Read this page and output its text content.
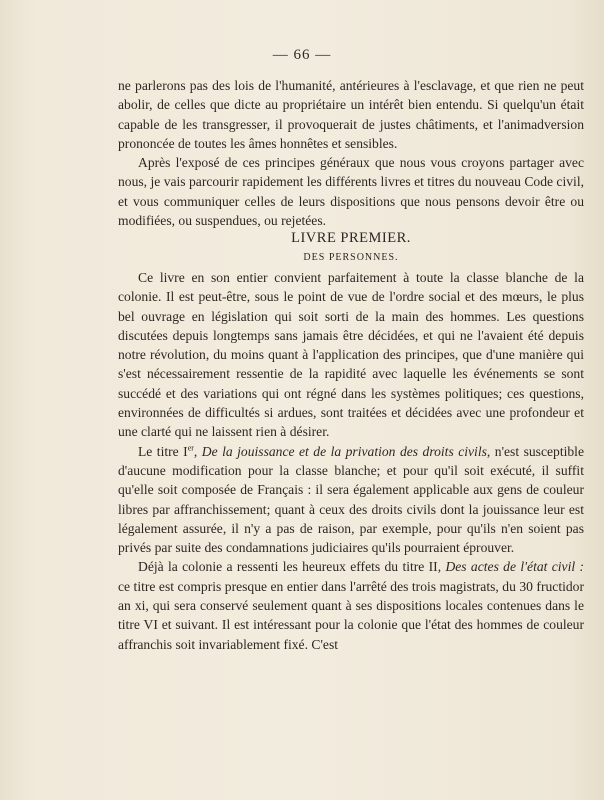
— 66 —

ne parlerons pas des lois de l'humanité, antérieures à l'esclavage, et que rien ne peut abolir, de celles que dicte au propriétaire un intérêt bien entendu. Si quelqu'un était capable de les transgresser, il provoquerait de justes châtiments, et l'animadversion prononcée de toutes les âmes honnêtes et sensibles.

Après l'exposé de ces principes généraux que nous vous croyons partager avec nous, je vais parcourir rapidement les différents livres et titres du nouveau Code civil, et vous communiquer celles de leurs dispositions que nous pensons devoir être ou modifiées, ou suspendues, ou rejetées.

LIVRE PREMIER.
DES PERSONNES.

Ce livre en son entier convient parfaitement à toute la classe blanche de la colonie. Il est peut-être, sous le point de vue de l'ordre social et des mœurs, le plus bel ouvrage en législation qui soit sorti de la main des hommes. Les questions discutées depuis longtemps sans jamais être décidées, et qui ne l'avaient été depuis notre révolution, du moins quant à l'application des principes, que d'une manière qui s'est nécessairement ressentie de la rapidité avec laquelle les événements se sont succédé et des variations qui ont régné dans les systèmes politiques; ces questions, environnées de difficultés si ardues, sont traitées et décidées avec une profondeur et une clarté qui ne laissent rien à désirer.

Le titre Ier, De la jouissance et de la privation des droits civils, n'est susceptible d'aucune modification pour la classe blanche; et pour qu'il soit exécuté, il suffit qu'elle soit composée de Français : il sera également applicable aux gens de couleur libres par affranchissement; quant à ceux des droits civils dont la jouissance leur est légalement assurée, il n'y a pas de raison, par exemple, pour qu'ils n'en soient pas privés par suite des condamnations judiciaires qu'ils pourraient éprouver.

Déjà la colonie a ressenti les heureux effets du titre II, Des actes de l'état civil : ce titre est compris presque en entier dans l'arrêté des trois magistrats, du 30 fructidor an xi, qui sera conservé seulement quant à ses dispositions locales contenues dans le titre VI et suivant. Il est intéressant pour la colonie que l'état des hommes de couleur affranchis soit invariablement fixé. C'est
